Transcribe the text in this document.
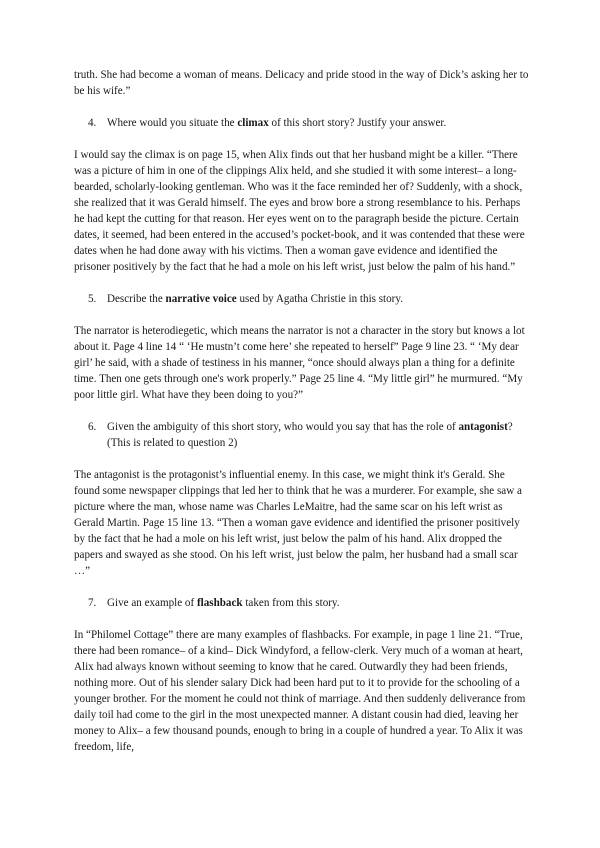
truth. She had become a woman of means. Delicacy and pride stood in the way of Dick’s asking her to be his wife.”

4. Where would you situate the climax of this short story? Justify your answer.

I would say the climax is on page 15, when Alix finds out that her husband might be a killer. “There was a picture of him in one of the clippings Alix held, and she studied it with some interest– a long-bearded, scholarly-looking gentleman. Who was it the face reminded her of? Suddenly, with a shock, she realized that it was Gerald himself. The eyes and brow bore a strong resemblance to his. Perhaps he had kept the cutting for that reason. Her eyes went on to the paragraph beside the picture. Certain dates, it seemed, had been entered in the accused’s pocket-book, and it was contended that these were dates when he had done away with his victims. Then a woman gave evidence and identified the prisoner positively by the fact that he had a mole on his left wrist, just below the palm of his hand.”

5. Describe the narrative voice used by Agatha Christie in this story.

The narrator is heterodiegetic, which means the narrator is not a character in the story but knows a lot about it. Page 4 line 14 “ ‘He mustn’t come here’ she repeated to herself” Page 9 line 23. “ ‘My dear girl’ he said, with a shade of testiness in his manner, “once should always plan a thing for a definite time. Then one gets through one's work properly.” Page 25 line 4. “My little girl” he murmured. “My poor little girl. What have they been doing to you?”

6. Given the ambiguity of this short story, who would you say that has the role of antagonist? (This is related to question 2)

The antagonist is the protagonist’s influential enemy. In this case, we might think it's Gerald. She found some newspaper clippings that led her to think that he was a murderer. For example, she saw a picture where the man, whose name was Charles LeMaitre, had the same scar on his left wrist as Gerald Martin. Page 15 line 13. “Then a woman gave evidence and identified the prisoner positively by the fact that he had a mole on his left wrist, just below the palm of his hand. Alix dropped the papers and swayed as she stood. On his left wrist, just below the palm, her husband had a small scar …”

7. Give an example of flashback taken from this story.

In “Philomel Cottage” there are many examples of flashbacks. For example, in page 1 line 21. “True, there had been romance– of a kind– Dick Windyford, a fellow-clerk. Very much of a woman at heart, Alix had always known without seeming to know that he cared. Outwardly they had been friends, nothing more. Out of his slender salary Dick had been hard put to it to provide for the schooling of a younger brother. For the moment he could not think of marriage. And then suddenly deliverance from daily toil had come to the girl in the most unexpected manner. A distant cousin had died, leaving her money to Alix– a few thousand pounds, enough to bring in a couple of hundred a year. To Alix it was freedom, life,
